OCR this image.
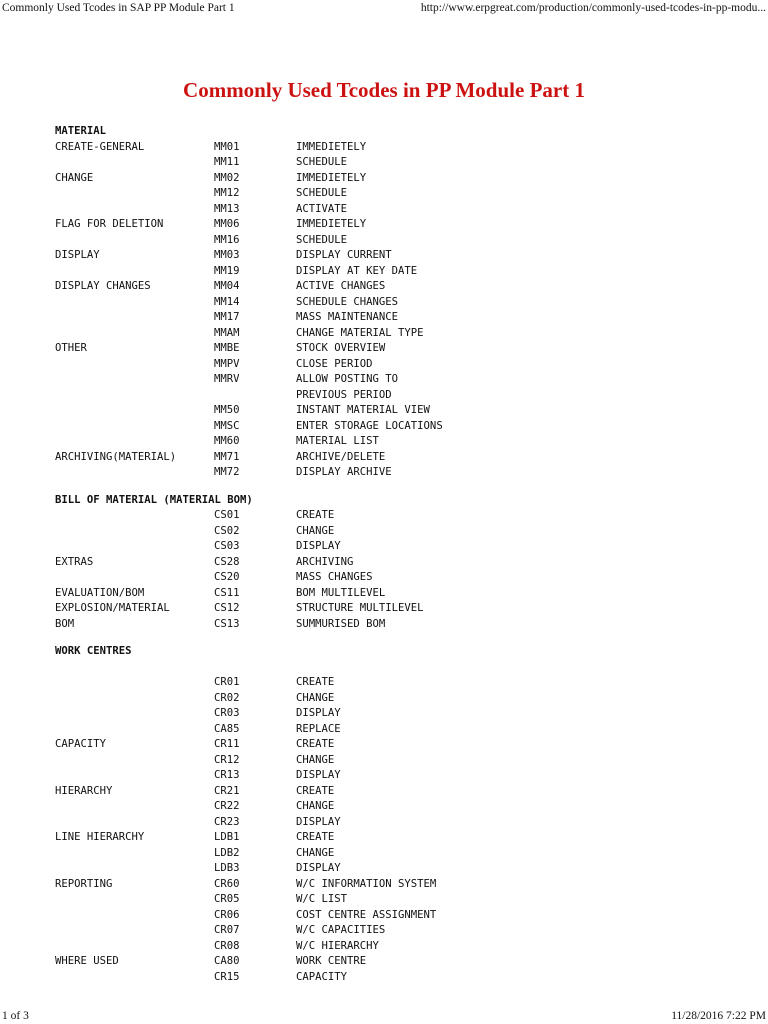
Commonly Used Tcodes in SAP PP Module Part 1	http://www.erpgreat.com/production/commonly-used-tcodes-in-pp-modu...
Commonly Used Tcodes in PP Module Part 1
MATERIAL
CREATE-GENERAL	MM01	IMMEDIETELY
MM11	SCHEDULE
CHANGE	MM02	IMMEDIETELY
MM12	SCHEDULE
MM13	ACTIVATE
FLAG FOR DELETION	MM06	IMMEDIETELY
MM16	SCHEDULE
DISPLAY	MM03	DISPLAY CURRENT
MM19	DISPLAY AT KEY DATE
DISPLAY CHANGES	MM04	ACTIVE CHANGES
MM14	SCHEDULE CHANGES
MM17	MASS MAINTENANCE
MMAM	CHANGE MATERIAL TYPE
OTHER	MMBE	STOCK OVERVIEW
MMPV	CLOSE PERIOD
MMRV	ALLOW POSTING TO
PREVIOUS PERIOD
MM50	INSTANT MATERIAL VIEW
MMSC	ENTER STORAGE LOCATIONS
MM60	MATERIAL LIST
ARCHIVING(MATERIAL)	MM71	ARCHIVE/DELETE
MM72	DISPLAY ARCHIVE
BILL OF MATERIAL (MATERIAL BOM)
CS01	CREATE
CS02	CHANGE
CS03	DISPLAY
EXTRAS	CS28	ARCHIVING
CS20	MASS CHANGES
EVALUATION/BOM	CS11	BOM MULTILEVEL
EXPLOSION/MATERIAL	CS12	STRUCTURE MULTILEVEL
BOM	CS13	SUMMURISED BOM
WORK CENTRES
CR01	CREATE
CR02	CHANGE
CR03	DISPLAY
CA85	REPLACE
CAPACITY	CR11	CREATE
CR12	CHANGE
CR13	DISPLAY
HIERARCHY	CR21	CREATE
CR22	CHANGE
CR23	DISPLAY
LINE HIERARCHY	LDB1	CREATE
LDB2	CHANGE
LDB3	DISPLAY
REPORTING	CR60	W/C INFORMATION SYSTEM
CR05	W/C LIST
CR06	COST CENTRE ASSIGNMENT
CR07	W/C CAPACITIES
CR08	W/C HIERARCHY
WHERE USED	CA80	WORK CENTRE
CR15	CAPACITY
1 of 3	11/28/2016 7:22 PM
